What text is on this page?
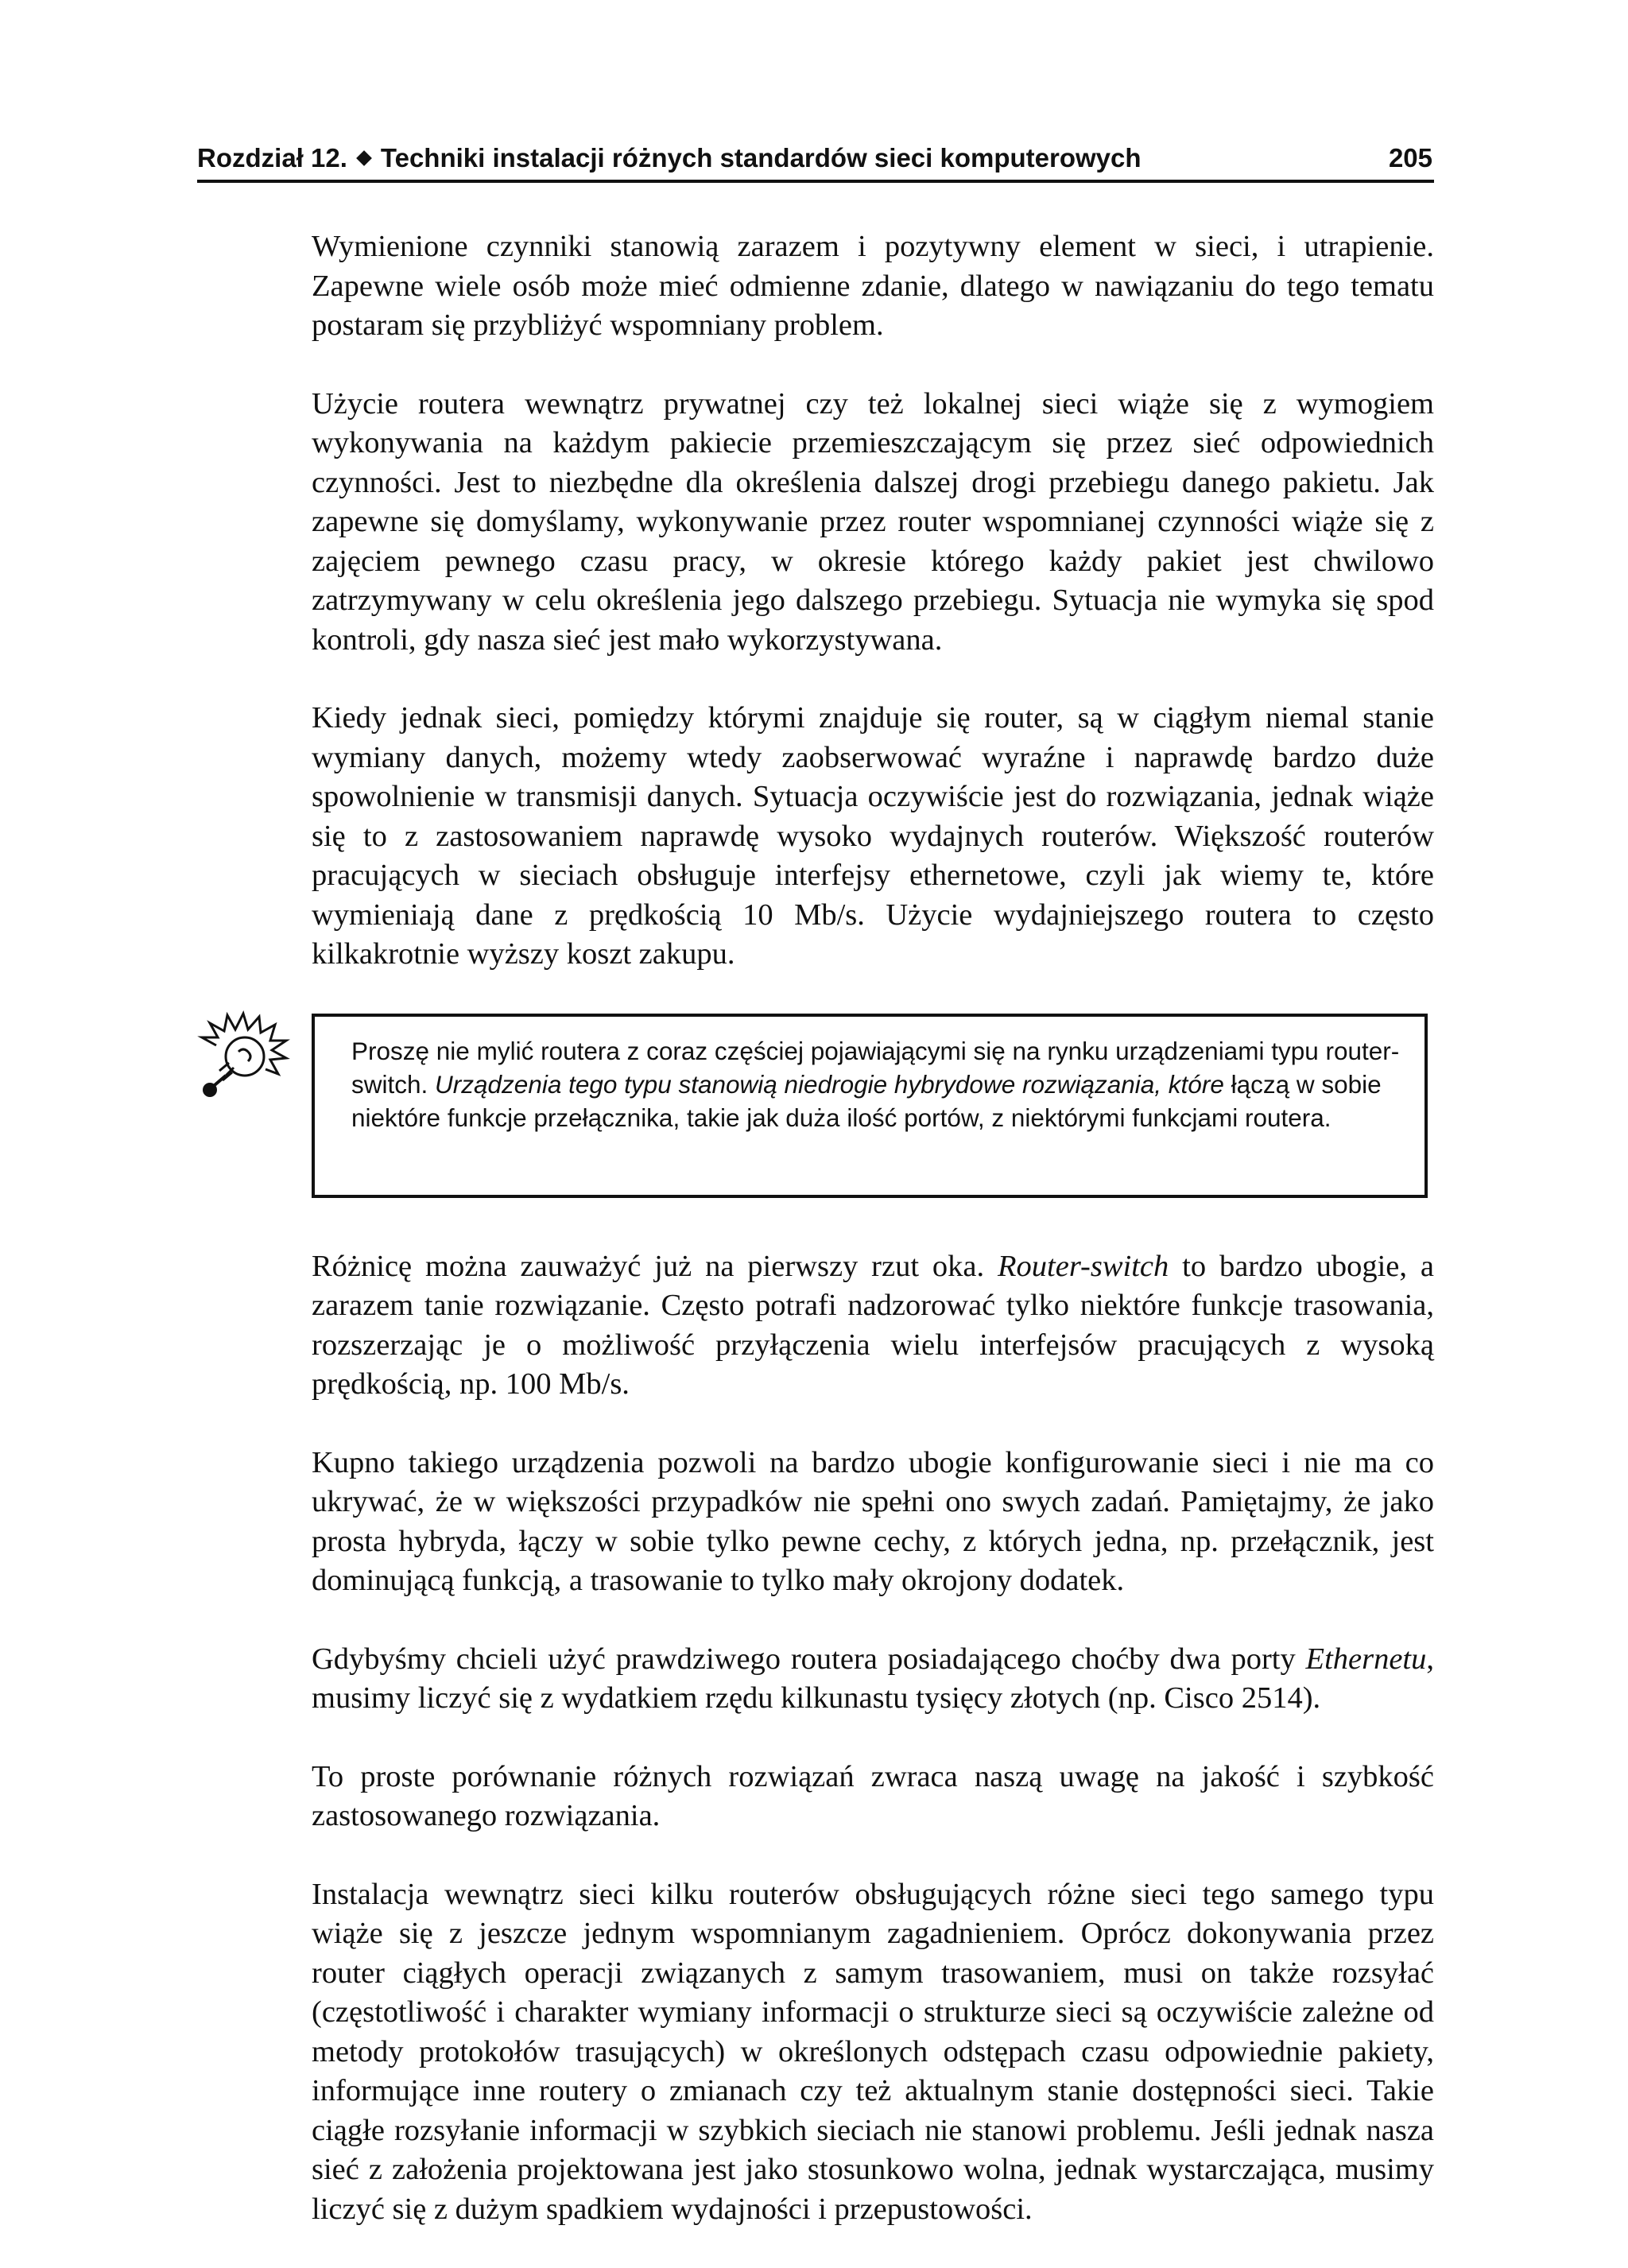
Rozdział 12. Techniki instalacji różnych standardów sieci komputerowych	205

Wymienione czynniki stanowią zarazem i pozytywny element w sieci, i utrapienie. Zapewne wiele osób może mieć odmienne zdanie, dlatego w nawiązaniu do tego tematu postaram się przybliżyć wspomniany problem.

Użycie routera wewnątrz prywatnej czy też lokalnej sieci wiąże się z wymogiem wykonywania na każdym pakiecie przemieszczającym się przez sieć odpowiednich czynności. Jest to niezbędne dla określenia dalszej drogi przebiegu danego pakietu. Jak zapewne się domyślamy, wykonywanie przez router wspomnianej czynności wiąże się z zajęciem pewnego czasu pracy, w okresie którego każdy pakiet jest chwilowo zatrzymywany w celu określenia jego dalszego przebiegu. Sytuacja nie wymyka się spod kontroli, gdy nasza sieć jest mało wykorzystywana.

Kiedy jednak sieci, pomiędzy którymi znajduje się router, są w ciągłym niemal stanie wymiany danych, możemy wtedy zaobserwować wyraźne i naprawdę bardzo duże spowolnienie w transmisji danych. Sytuacja oczywiście jest do rozwiązania, jednak wiąże się to z zastosowaniem naprawdę wysoko wydajnych routerów. Większość routerów pracujących w sieciach obsługuje interfejsy ethernetowe, czyli jak wiemy te, które wymieniają dane z prędkością 10 Mb/s. Użycie wydajniejszego routera to często kilkakrotnie wyższy koszt zakupu.

Proszę nie mylić routera z coraz częściej pojawiającymi się na rynku urządzeniami typu router-switch. Urządzenia tego typu stanowią niedrogie hybrydowe rozwiązania, które łączą w sobie niektóre funkcje przełącznika, takie jak duża ilość portów, z niektórymi funkcjami routera.

Różnicę można zauważyć już na pierwszy rzut oka. Router-switch to bardzo ubogie, a zarazem tanie rozwiązanie. Często potrafi nadzorować tylko niektóre funkcje trasowania, rozszerzając je o możliwość przyłączenia wielu interfejsów pracujących z wysoką prędkością, np. 100 Mb/s.

Kupno takiego urządzenia pozwoli na bardzo ubogie konfigurowanie sieci i nie ma co ukrywać, że w większości przypadków nie spełni ono swych zadań. Pamiętajmy, że jako prosta hybryda, łączy w sobie tylko pewne cechy, z których jedna, np. przełącznik, jest dominującą funkcją, a trasowanie to tylko mały okrojony dodatek.

Gdybyśmy chcieli użyć prawdziwego routera posiadającego choćby dwa porty Ethernetu, musimy liczyć się z wydatkiem rzędu kilkunastu tysięcy złotych (np. Cisco 2514).

To proste porównanie różnych rozwiązań zwraca naszą uwagę na jakość i szybkość zastosowanego rozwiązania.

Instalacja wewnątrz sieci kilku routerów obsługujących różne sieci tego samego typu wiąże się z jeszcze jednym wspomnianym zagadnieniem. Oprócz dokonywania przez router ciągłych operacji związanych z samym trasowaniem, musi on także rozsyłać (częstotliwość i charakter wymiany informacji o strukturze sieci są oczywiście zależne od metody protokołów trasujących) w określonych odstępach czasu odpowiednie pakiety, informujące inne routery o zmianach czy też aktualnym stanie dostępności sieci. Takie ciągłe rozsyłanie informacji w szybkich sieciach nie stanowi problemu. Jeśli jednak nasza sieć z założenia projektowana jest jako stosunkowo wolna, jednak wystarczająca, musimy liczyć się z dużym spadkiem wydajności i przepustowości.
